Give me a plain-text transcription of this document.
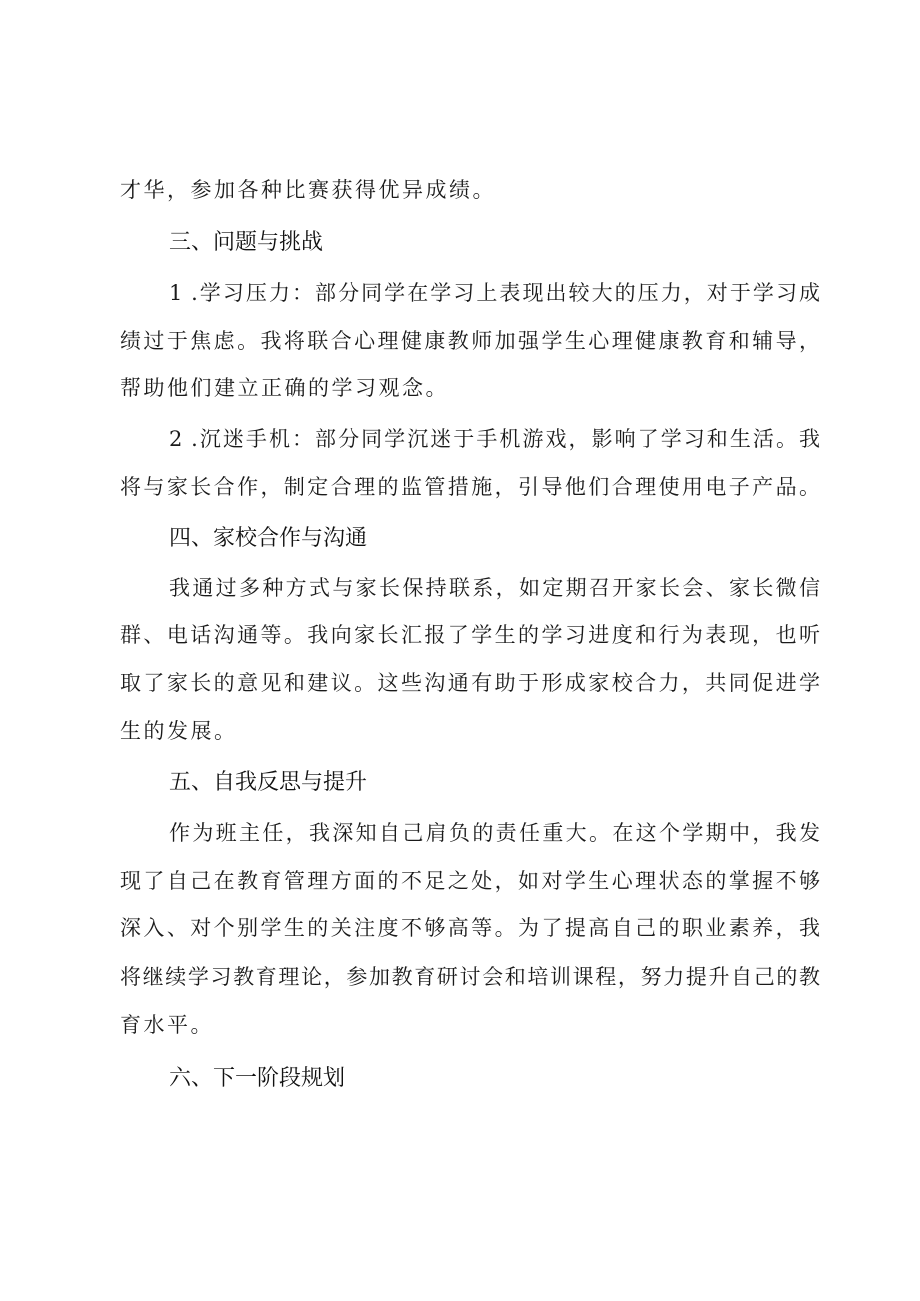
才华，参加各种比赛获得优异成绩。
三、问题与挑战
1 .学习压力：部分同学在学习上表现出较大的压力，对于学习成
绩过于焦虑。我将联合心理健康教师加强学生心理健康教育和辅导，
帮助他们建立正确的学习观念。
2 .沉迷手机：部分同学沉迷于手机游戏，影响了学习和生活。我
将与家长合作，制定合理的监管措施，引导他们合理使用电子产品。
四、家校合作与沟通
我通过多种方式与家长保持联系，如定期召开家长会、家长微信
群、电话沟通等。我向家长汇报了学生的学习进度和行为表现，也听
取了家长的意见和建议。这些沟通有助于形成家校合力，共同促进学
生的发展。
五、自我反思与提升
作为班主任，我深知自己肩负的责任重大。在这个学期中，我发
现了自己在教育管理方面的不足之处，如对学生心理状态的掌握不够
深入、对个别学生的关注度不够高等。为了提高自己的职业素养，我
将继续学习教育理论，参加教育研讨会和培训课程，努力提升自己的教
育水平。
六、下一阶段规划
